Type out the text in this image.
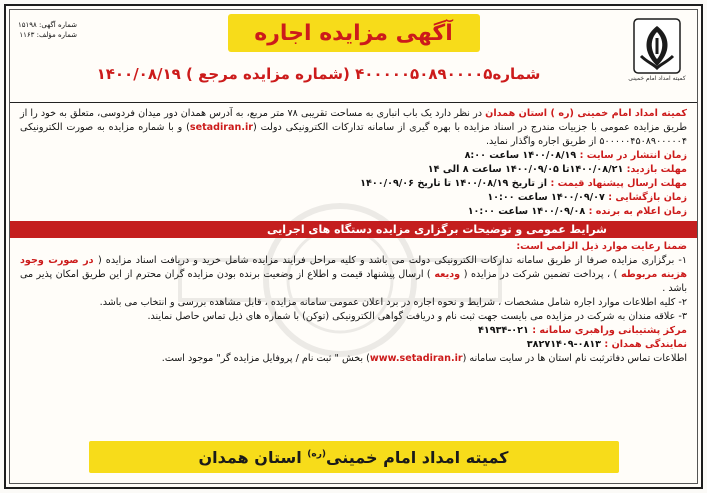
کمیته امداد امام خمینی
شماره آگهی: ۱۵۱۹۸
شماره مؤلف: ۱۱۶۳	آگهی مزایده اجاره
شماره۴۰۰۰۰۰۵۰۸۹۰۰۰۰۵ (شماره مزایده مرجع ) ۱۴۰۰/۰۸/۱۹

کمیته امداد امام خمینی (ره ) استان همدان در نظر دارد یک باب انباری به مساحت تقریبی ۷۸ متر مربع، به آدرس همدان دور میدان فردوسی، متعلق به خود را از طریق مزایده عمومی با جزییات مندرج در اسناد مزایده با بهره گیری از سامانه تدارکات الکترونیکی دولت (setadiran.ir) و با شماره مزایده به صورت الکترونیکی ۵۰۰۰۰۰۴۵۰۸۹۰۰۰۰۰۴ از طریق اجاره واگذار نماید.

زمان انتشار در سایت : ۱۴۰۰/۰۸/۱۹ ساعت ۸:۰۰

مهلت بازدید: ۱۴۰۰/۰۸/۲۱تا ۱۴۰۰/۰۹/۰۵ ساعت ۸ الی ۱۴

مهلت ارسال پیشنهاد قیمت : از تاریخ ۱۴۰۰/۰۸/۱۹ تا تاریخ ۱۴۰۰/۰۹/۰۶

زمان بازگشایی : ۱۴۰۰/۰۹/۰۷ ساعت ۱۰:۰۰

زمان اعلام به برنده : ۱۴۰۰/۰۹/۰۸ ساعت ۱۰:۰۰

شرایط عمومی و توضیحات برگزاری مزایده دستگاه های اجرایی

ضمنا رعایت موارد ذیل الزامی است:

۱- برگزاری مزایده صرفا از طریق سامانه تدارکات الکترونیکی دولت می باشد و کلیه مراحل فرایند مزایده شامل خرید و دریافت اسناد مزایده ( در صورت وجود هزینه مربوطه ) ، پرداخت تضمین شرکت در مزایده ( ودیعه ) ارسال پیشنهاد قیمت و اطلاع از وضعیت برنده بودن مزایده گران محترم از این طریق امکان پذیر می باشد .

۲- کلیه اطلاعات موارد اجاره شامل مشخصات ، شرایط و نحوه اجاره در برد اعلان عمومی سامانه مزایده ، قابل مشاهده بررسی و انتخاب می باشد.

۳- علاقه مندان به شرکت در مزایده می بایست جهت ثبت نام و دریافت گواهی الکترونیکی (توکن) با شماره های ذیل تماس حاصل نمایند.

مرکز پشتیبانی وراهبری سامانه : ۰۲۱-۴۱۹۳۴

نمایندگی همدان : ۰۸۱۳-۳۸۲۷۱۴۰۹

اطلاعات تماس دفاترثبت نام استان ها در سایت سامانه (www.setadiran.ir) بخش " ثبت نام / پروفایل مزایده گر" موجود است.

کمیته امداد امام خمینی$^{(ره)}$ استان همدان
